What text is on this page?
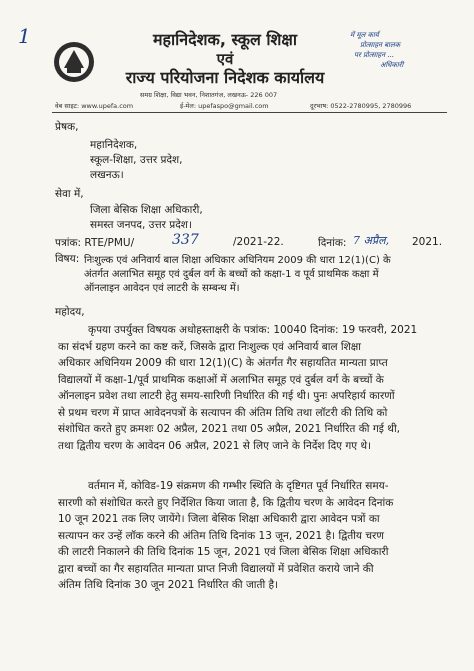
1	महानिदेशक, स्कूल शिक्षा
एवं
राज्य परियोजना निदेशक कार्यालय
समग्र शिक्षा, विद्या भवन, निशातगंज, लखनऊ- 226 007
में मूल कार्य
प्रोत्साहन बालक
पर प्रोत्साहन ...
अधिकारी
वेब साइट: www.upefa.com	ई-मेल: upefaspo@gmail.com	दूरभाष: 0522-2780995, 2780996
प्रेषक,
महानिदेशक,
स्कूल-शिक्षा, उत्तर प्रदेश,
लखनऊ।
सेवा में,
जिला बेसिक शिक्षा अधिकारी,
समस्त जनपद, उत्तर प्रदेश।
पत्रांक: RTE/PMU/	337	/2021-22.	दिनांक: 7 अप्रैल, 2021.
विषय: निःशुल्क एवं अनिवार्य बाल शिक्षा अधिकार अधिनियम 2009 की धारा 12(1)(C) के
अंतर्गत अलाभित समूह एवं दुर्बल वर्ग के बच्चों को कक्षा-1 व पूर्व प्राथमिक कक्षा में
ऑनलाइन आवेदन एवं लाटरी के सम्बन्ध में।
महोदय,
कृपया उपर्युक्त विषयक अधोहस्ताक्षरी के पत्रांक: 10040 दिनांक: 19 फरवरी, 2021
का संदर्भ ग्रहण करने का कष्ट करें, जिसके द्वारा निःशुल्क एवं अनिवार्य बाल शिक्षा
अधिकार अधिनियम 2009 की धारा 12(1)(C) के अंतर्गत गैर सहायतित मान्यता प्राप्त
विद्यालयों में कक्षा-1/पूर्व प्राथमिक कक्षाओं में अलाभित समूह एवं दुर्बल वर्ग के बच्चों के
ऑनलाइन प्रवेश तथा लाटरी हेतु समय-सारिणी निर्धारित की गई थी। पुनः अपरिहार्य कारणों
से प्रथम चरण में प्राप्त आवेदनपत्रों के सत्यापन की अंतिम तिथि तथा लॉटरी की तिथि को
संशोधित करते हुए क्रमशः 02 अप्रैल, 2021 तथा 05 अप्रैल, 2021 निर्धारित की गई थी,
तथा द्वितीय चरण के आवेदन 06 अप्रैल, 2021 से लिए जाने के निर्देश दिए गए थे।
वर्तमान में, कोविड-19 संक्रमण की गम्भीर स्थिति के दृष्टिगत पूर्व निर्धारित समय-
सारणी को संशोधित करते हुए निर्देशित किया जाता है, कि द्वितीय चरण के आवेदन दिनांक
10 जून 2021 तक लिए जायेंगे। जिला बेसिक शिक्षा अधिकारी द्वारा आवेदन पत्रों का
सत्यापन कर उन्हें लॉक करने की अंतिम तिथि दिनांक 13 जून, 2021 है। द्वितीय चरण
की लाटरी निकालने की तिथि दिनांक 15 जून, 2021 एवं जिला बेसिक शिक्षा अधिकारी
द्वारा बच्चों का गैर सहायतित मान्यता प्राप्त निजी विद्यालयों में प्रवेशित कराये जाने की
अंतिम तिथि दिनांक 30 जून 2021 निर्धारित की जाती है।
